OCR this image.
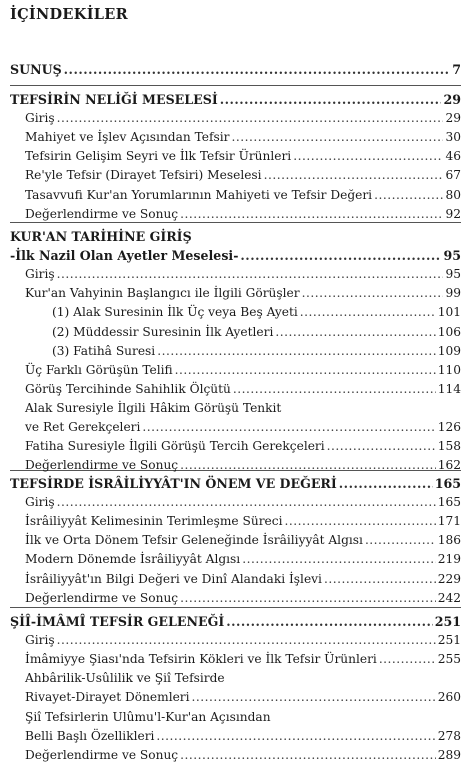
İÇİNDEKİLER
SUNUŞ .....	7
TEFSİRİN NELİĞİ MESELESİ .....	29
Giriş .....	29
Mahiyet ve İşlev Açısından Tefsir .....	30
Tefsirin Gelişim Seyri ve İlk Tefsir Ürünleri .....	46
Re'yle Tefsir (Dirayet Tefsiri) Meselesi .....	67
Tasavvufi Kur'an Yorumlarının Mahiyeti ve Tefsir Değeri .....	80
Değerlendirme ve Sonuç .....	92
KUR'AN TARİHİNE GİRİŞ
-İlk Nazil Olan Ayetler Meselesi- .....	95
Giriş .....	95
Kur'an Vahyinin Başlangıcı ile İlgili Görüşler .....	99
(1) Alak Suresinin İlk Üç veya Beş Ayeti .....	101
(2) Müddessir Suresinin İlk Ayetleri .....	106
(3) Fatihâ Suresi .....	109
Üç Farklı Görüşün Telifi .....	110
Görüş Tercihinde Sahihlik Ölçütü .....	114
Alak Suresiyle İlgili Hâkim Görüşü Tenkit
ve Ret Gerekçeleri .....	126
Fatiha Suresiyle İlgili Görüşü Tercih Gerekçeleri .....	158
Değerlendirme ve Sonuç .....	162
TEFSİRDE İSRÂİLİYYÂT'IN ÖNEM VE DEĞERİ .....	165
Giriş .....	165
İsrâiliyyât Kelimesinin Terimleşme Süreci .....	171
İlk ve Orta Dönem Tefsir Geleneğinde İsrâiliyyât Algısı .....	186
Modern Dönemde İsrâiliyyât Algısı .....	219
İsrâiliyyât'ın Bilgi Değeri ve Dinî Alandaki İşlevi .....	229
Değerlendirme ve Sonuç .....	242
ŞİÎ-İMÂMÎ TEFSİR GELENEĞİ .....	251
Giriş .....	251
İmâmiyye Şiası'nda Tefsirin Kökleri ve İlk Tefsir Ürünleri .....	255
Ahbârilik-Usûlilik ve Şiî Tefsirde
Rivayet-Dirayet Dönemleri .....	260
Şiî Tefsirlerin Ulûmu'l-Kur'an Açısından
Belli Başlı Özellikleri .....	278
Değerlendirme ve Sonuç .....	289
